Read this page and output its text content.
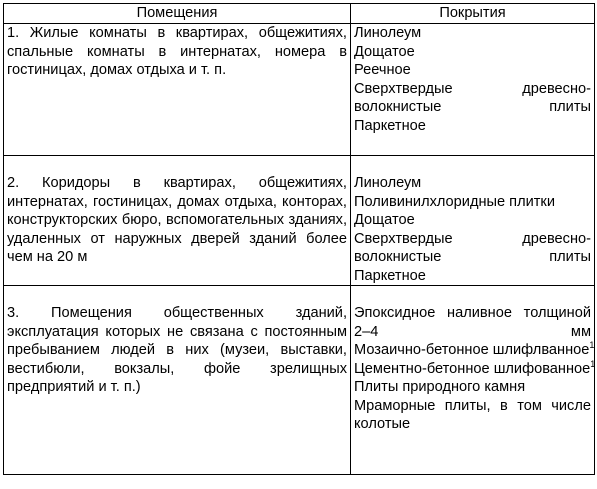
Помещения	Покрытия
1. Жилые комнаты в квартирах, общежитиях, спальные комнаты в интернатах, номера в гостиницах, домах отдыха и т. п.	Линолеум
Дощатое
Реечное
Сверхтвердые древесно-волокнистые плиты
Паркетное

2. Коридоры в квартирах, общежитиях, интернатах, гостиницах, домах отдыха, конторах, конструкторских бюро, вспомогательных зданиях, удаленных от наружных дверей зданий более чем на 20 м	Линолеум
Поливинилхлоридные плитки
Дощатое
Сверхтвердые древесно-волокнистые плиты
Паркетное

3. Помещения общественных зданий, эксплуатация которых не связана с постоянным пребыванием людей в них (музеи, выставки, вестибюли, вокзалы, фойе зрелищных предприятий и т. п.)	Эпоксидное наливное толщиной 2–4 мм
Мозаично-бетонное шлифлванное$^1$
Цементно-бетонное шлифованное$^1$
Плиты природного камня
Мраморные плиты, в том числе колотые
